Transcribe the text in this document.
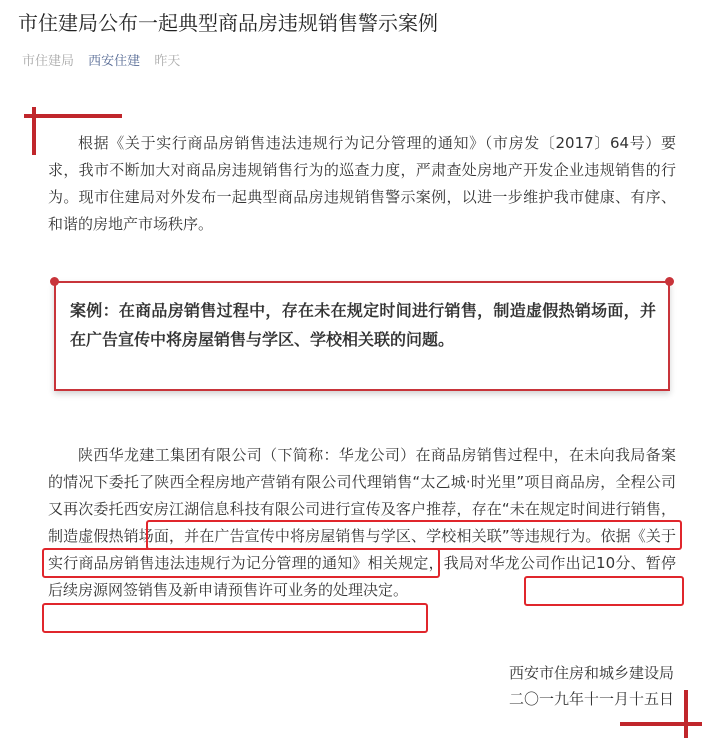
市住建局公布一起典型商品房违规销售警示案例
市住建局 西安住建 昨天

根据《关于实行商品房销售违法违规行为记分管理的通知》（市房发〔2017〕64号）要求，我市不断加大对商品房违规销售行为的巡查力度，严肃查处房地产开发企业违规销售的行为。现市住建局对外发布一起典型商品房违规销售警示案例，以进一步维护我市健康、有序、和谐的房地产市场秩序。

案例：在商品房销售过程中，存在未在规定时间进行销售，制造虚假热销场面，并在广告宣传中将房屋销售与学区、学校相关联的问题。

陕西华龙建工集团有限公司（下简称：华龙公司）在商品房销售过程中，在未向我局备案的情况下委托了陕西全程房地产营销有限公司代理销售“太乙城·时光里”项目商品房，全程公司又再次委托西安房江湖信息科技有限公司进行宣传及客户推荐，存在“未在规定时间进行销售，制造虚假热销场面，并在广告宣传中将房屋销售与学区、学校相关联”等违规行为。依据《关于实行商品房销售违法违规行为记分管理的通知》相关规定，我局对华龙公司作出记10分、暂停后续房源网签销售及新申请预售许可业务的处理决定。

西安市住房和城乡建设局
二〇一九年十一月十五日
